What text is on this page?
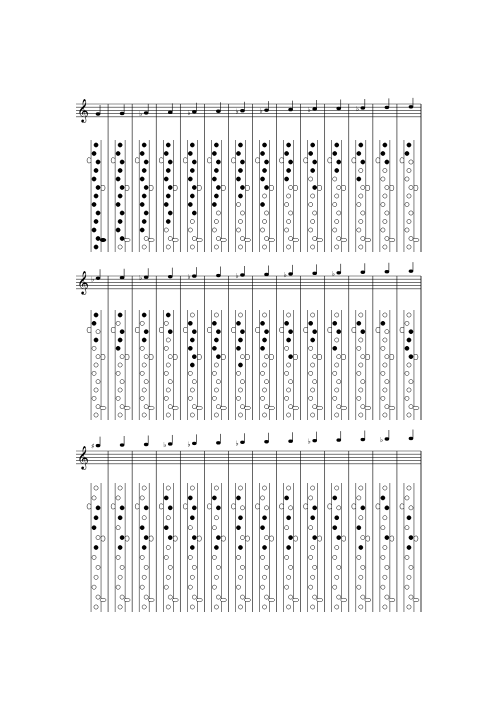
𝄞	♭	♭	♭	♭	♭	♭
𝄞 ♭	♭	♭	♭	♭	♭
𝄞 ♯	♭	♭	♭	♭	♭
